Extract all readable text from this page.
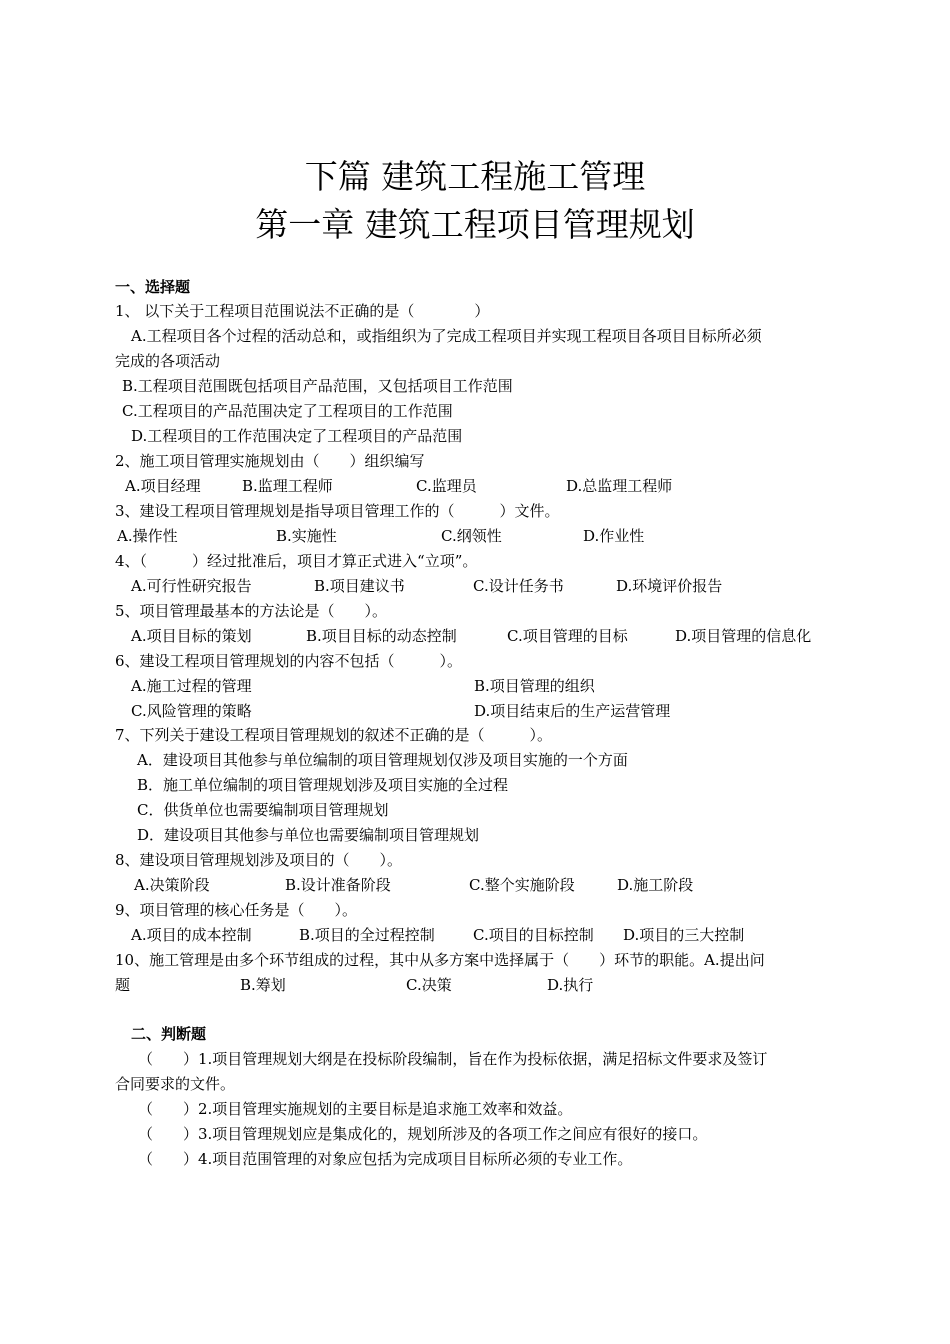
下篇 建筑工程施工管理
第一章 建筑工程项目管理规划
一、选择题
1、 以下关于工程项目范围说法不正确的是（　　　　）
A.工程项目各个过程的活动总和，或指组织为了完成工程项目并实现工程项目各项目目标所必须
完成的各项活动
B.工程项目范围既包括项目产品范围，又包括项目工作范围
C.工程项目的产品范围决定了工程项目的工作范围
D.工程项目的工作范围决定了工程项目的产品范围
2、施工项目管理实施规划由（　　）组织编写
A.项目经理	B.监理工程师	C.监理员	D.总监理工程师
3、建设工程项目管理规划是指导项目管理工作的（　　　）文件。
A.操作性	B.实施性	C.纲领性	D.作业性
4、（　　　）经过批准后，项目才算正式进入“立项”。
A.可行性研究报告	B.项目建议书	C.设计任务书	D.环境评价报告
5、项目管理最基本的方法论是（　　）。
A.项目目标的策划	B.项目目标的动态控制	C.项目管理的目标	D.项目管理的信息化
6、建设工程项目管理规划的内容不包括（　　　）。
A.施工过程的管理	B.项目管理的组织
C.风险管理的策略	D.项目结束后的生产运营管理
7、下列关于建设工程项目管理规划的叙述不正确的是（　　　）。
A．建设项目其他参与单位编制的项目管理规划仅涉及项目实施的一个方面
B．施工单位编制的项目管理规划涉及项目实施的全过程
C．供货单位也需要编制项目管理规划
D．建设项目其他参与单位也需要编制项目管理规划
8、建设项目管理规划涉及项目的（　　）。
A.决策阶段	B.设计准备阶段	C.整个实施阶段	D.施工阶段
9、项目管理的核心任务是（　　）。
A.项目的成本控制	B.项目的全过程控制	C.项目的目标控制 D.项目的三大控制
10、施工管理是由多个环节组成的过程，其中从多方案中选择属于（　　）环节的职能。A.提出问
题	B.筹划	C.决策	D.执行
二、判断题
（　　）1.项目管理规划大纲是在投标阶段编制，旨在作为投标依据，满足招标文件要求及签订
合同要求的文件。
（　　）2.项目管理实施规划的主要目标是追求施工效率和效益。
（　　）3.项目管理规划应是集成化的，规划所涉及的各项工作之间应有很好的接口。
（　　）4.项目范围管理的对象应包括为完成项目目标所必须的专业工作。
